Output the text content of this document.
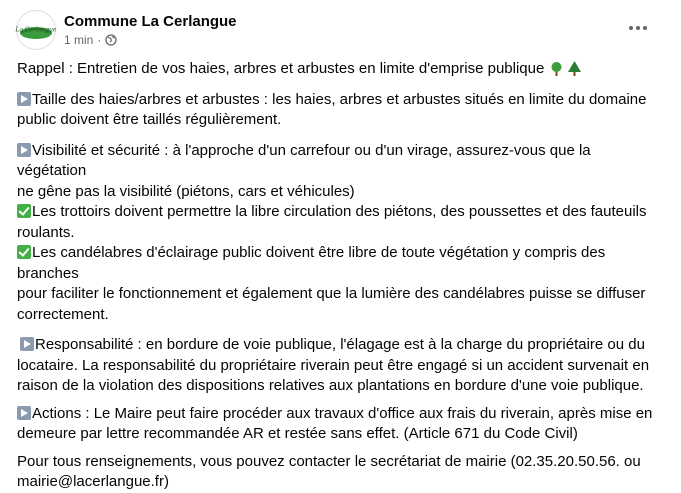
La Cerlangue Commune La Cerlangue
1 min ·

Rappel : Entretien de vos haies, arbres et arbustes en limite d'emprise publique

Taille des haies/arbres et arbustes : les haies, arbres et arbustes situés en limite du domaine
public doivent être taillés régulièrement.

Visibilité et sécurité : à l'approche d'un carrefour ou d'un virage, assurez-vous que la végétation
ne gêne pas la visibilité (piétons, cars et véhicules)
Les trottoirs doivent permettre la libre circulation des piétons, des poussettes et des fauteuils
roulants.
Les candélabres d'éclairage public doivent être libre de toute végétation y compris des branches
pour faciliter le fonctionnement et également que la lumière des candélabres puisse se diffuser
correctement.

Responsabilité : en bordure de voie publique, l'élagage est à la charge du propriétaire ou du
locataire. La responsabilité du propriétaire riverain peut être engagé si un accident survenait en
raison de la violation des dispositions relatives aux plantations en bordure d'une voie publique.

Actions : Le Maire peut faire procéder aux travaux d'office aux frais du riverain, après mise en
demeure par lettre recommandée AR et restée sans effet. (Article 671 du Code Civil)

Pour tous renseignements, vous pouvez contacter le secrétariat de mairie (02.35.20.50.56. ou
mairie@lacerlangue.fr)
